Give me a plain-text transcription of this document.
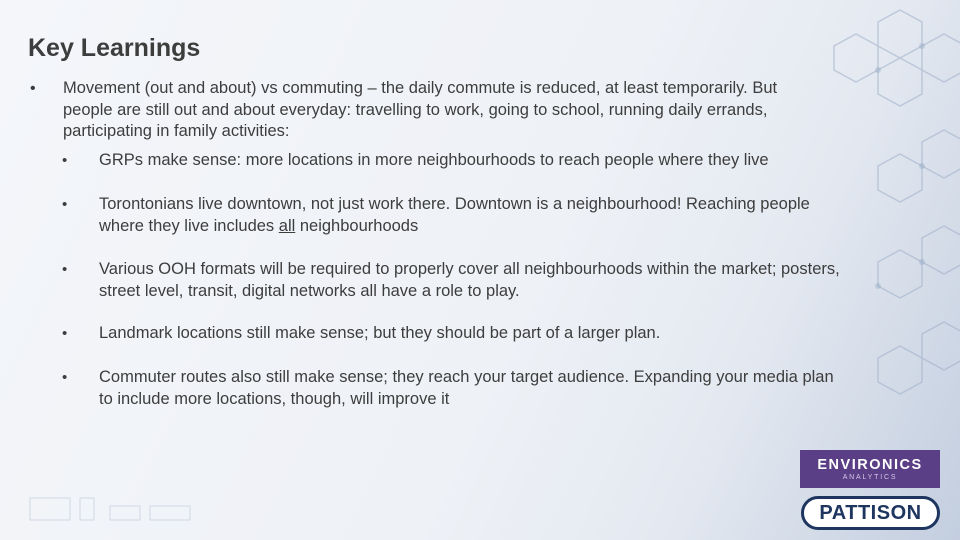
Key Learnings
•	Movement (out and about) vs commuting – the daily commute is reduced, at least temporarily. But people are still out and about everyday: travelling to work, going to school, running daily errands, participating in family activities:
•	GRPs make sense: more locations in more neighbourhoods to reach people where they live
•	Torontonians live downtown, not just work there. Downtown is a neighbourhood! Reaching people where they live includes all neighbourhoods
•	Various OOH formats will be required to properly cover all neighbourhoods within the market; posters, street level, transit, digital networks all have a role to play.
•	Landmark locations still make sense; but they should be part of a larger plan.
•	Commuter routes also still make sense; they reach your target audience. Expanding your media plan to include more locations, though, will improve it
ENVIRONICS
ANALYTICS
PATTISON
